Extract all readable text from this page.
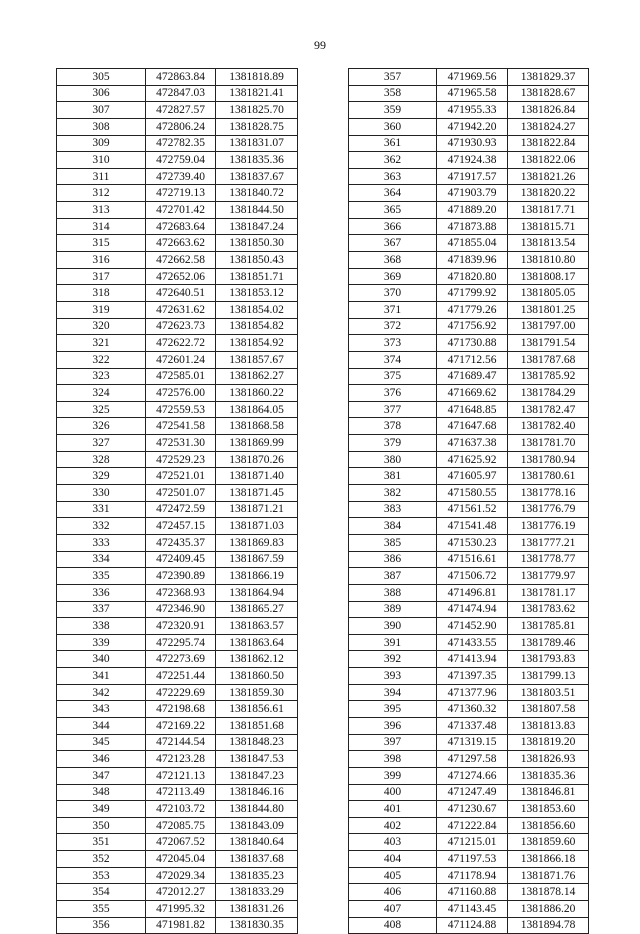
99
305	472863.84	1381818.89
306	472847.03	1381821.41
307	472827.57	1381825.70
308	472806.24	1381828.75
309	472782.35	1381831.07
310	472759.04	1381835.36
311	472739.40	1381837.67
312	472719.13	1381840.72
313	472701.42	1381844.50
314	472683.64	1381847.24
315	472663.62	1381850.30
316	472662.58	1381850.43
317	472652.06	1381851.71
318	472640.51	1381853.12
319	472631.62	1381854.02
320	472623.73	1381854.82
321	472622.72	1381854.92
322	472601.24	1381857.67
323	472585.01	1381862.27
324	472576.00	1381860.22
325	472559.53	1381864.05
326	472541.58	1381868.58
327	472531.30	1381869.99
328	472529.23	1381870.26
329	472521.01	1381871.40
330	472501.07	1381871.45
331	472472.59	1381871.21
332	472457.15	1381871.03
333	472435.37	1381869.83
334	472409.45	1381867.59
335	472390.89	1381866.19
336	472368.93	1381864.94
337	472346.90	1381865.27
338	472320.91	1381863.57
339	472295.74	1381863.64
340	472273.69	1381862.12
341	472251.44	1381860.50
342	472229.69	1381859.30
343	472198.68	1381856.61
344	472169.22	1381851.68
345	472144.54	1381848.23
346	472123.28	1381847.53
347	472121.13	1381847.23
348	472113.49	1381846.16
349	472103.72	1381844.80
350	472085.75	1381843.09
351	472067.52	1381840.64
352	472045.04	1381837.68
353	472029.34	1381835.23
354	472012.27	1381833.29
355	471995.32	1381831.26
356	471981.82	1381830.35
357	471969.56	1381829.37
358	471965.58	1381828.67
359	471955.33	1381826.84
360	471942.20	1381824.27
361	471930.93	1381822.84
362	471924.38	1381822.06
363	471917.57	1381821.26
364	471903.79	1381820.22
365	471889.20	1381817.71
366	471873.88	1381815.71
367	471855.04	1381813.54
368	471839.96	1381810.80
369	471820.80	1381808.17
370	471799.92	1381805.05
371	471779.26	1381801.25
372	471756.92	1381797.00
373	471730.88	1381791.54
374	471712.56	1381787.68
375	471689.47	1381785.92
376	471669.62	1381784.29
377	471648.85	1381782.47
378	471647.68	1381782.40
379	471637.38	1381781.70
380	471625.92	1381780.94
381	471605.97	1381780.61
382	471580.55	1381778.16
383	471561.52	1381776.79
384	471541.48	1381776.19
385	471530.23	1381777.21
386	471516.61	1381778.77
387	471506.72	1381779.97
388	471496.81	1381781.17
389	471474.94	1381783.62
390	471452.90	1381785.81
391	471433.55	1381789.46
392	471413.94	1381793.83
393	471397.35	1381799.13
394	471377.96	1381803.51
395	471360.32	1381807.58
396	471337.48	1381813.83
397	471319.15	1381819.20
398	471297.58	1381826.93
399	471274.66	1381835.36
400	471247.49	1381846.81
401	471230.67	1381853.60
402	471222.84	1381856.60
403	471215.01	1381859.60
404	471197.53	1381866.18
405	471178.94	1381871.76
406	471160.88	1381878.14
407	471143.45	1381886.20
408	471124.88	1381894.78
